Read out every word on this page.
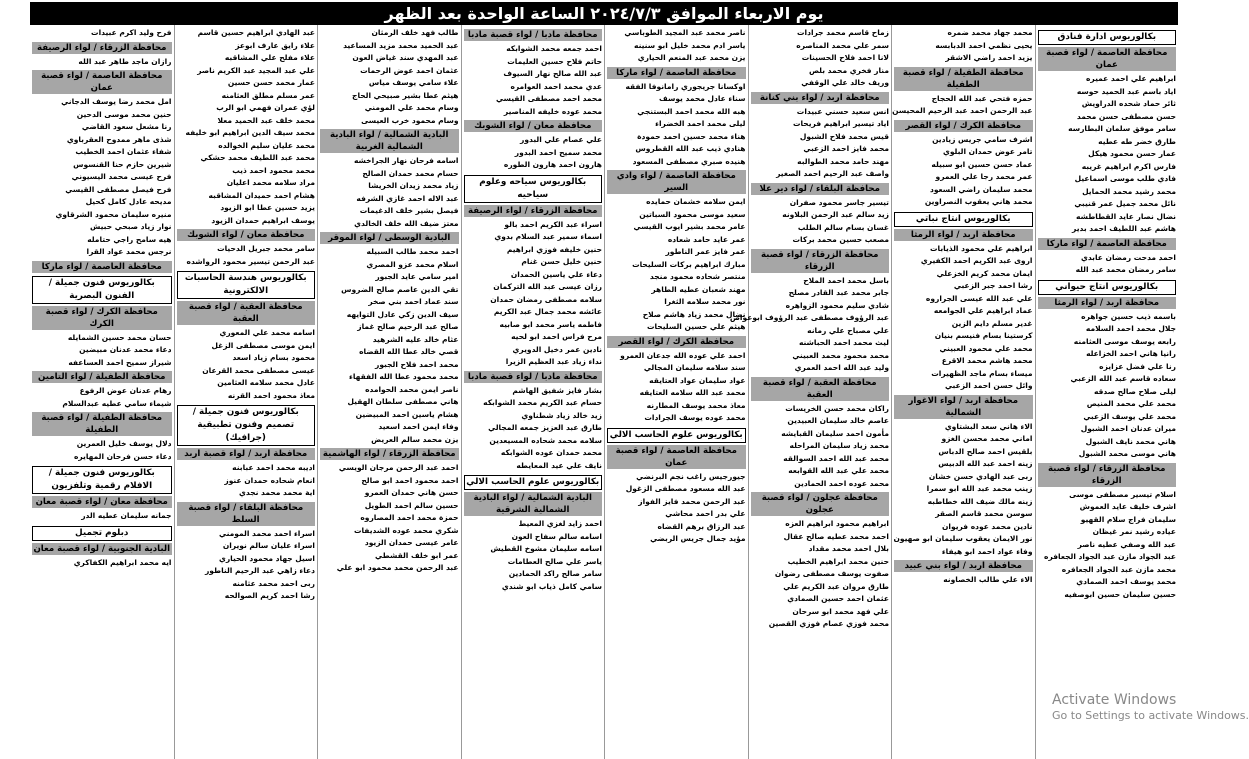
يوم الاربعاء الموافق ٢٠٢٤/٧/٣ الساعة الواحدة بعد الظهر
بكالوريوس ادارة فنادق
محافظة العاصمة / لواء قصبة عمان
ابراهيم علي احمد عميره
اياد باسم عبد الحميد حوسه
ثائر حماد شحده الدراويش
حسن مصطفى حسن محمد
سامر موفق سلمان البطارسه
طارق خضر طه عطيه
عمار حسن محمود هيكل
فارس اكرم ابراهيم غريبه
فادي طلب موسى اسماعيل
محمد رشيد محمد الحمايل
نائل محمد جميل عمر قنيبي
نضال نصار عايد القطاطشه
هاشم عبد اللطيف احمد بدير
محافظة العاصمة / لواء ماركا
احمد مدحت رمضان عابدي
سامر رمضان محمد عبد الله
بكالوريوس انتاج حيواني
محافظة اربد / لواء الرمثا
باسمه ذيب حسين جواهره
جلال محمد احمد السلامه
رابعه يوسف موسى العثامنه
رانيا هاني احمد الخزاعله
رنا علي فضل عزايزه
سعاده قاسم عبد الله الزعبي
ليلى صلاح صالح صدقه
محمد علي محمد المنيص
محمد علي يوسف الزعبي
ميران عدنان احمد الشبول
هاني محمد نايف الشبول
هاني موسى محمد الشبول
محافظة الزرقاء / لواء قصبة الزرقاء
اسلام تيسير مصطفى موسى
اشرف خليف عايد العموش
سليمان فراج سلام القهيو
عياده رشيد نمر غيظان
عبد الله وصفي عطيه ناصر
عبد الجواد مازن عبد الجواد الجعافره
محمد مازن عبد الجواد الجعافره
محمد يوسف احمد الصمادي
حسين سليمان حسين ابوصفيه
محمد جهاد محمد ضمره
يحيى نظمي احمد الدبابسه
يزيد احمد راضي الاشقر
محافظة الطفيلة / لواء قصبة الطفيلة
حمزه فتحي عبد الله الحجاج
عبد الرحمن احمد عبد الرحيم المحيسن
محافظة الكرك / لواء القصر
اشرف سامي جريس زيادين
تامر عوض حمدان البلوي
عماد حسن حسين ابو سبيله
عمر محمد رجا علي العمرو
محمد سليمان راضي السعود
محمد هاني يعقوب النصراوين
بكالوريوس انتاج نباتي
محافظة اربد / لواء الرمثا
ابراهيم علي محمود الذيابات
اروى عبد الكريم احمد الكفيري
ايمان محمد كريم الخزعلي
رشا احمد جبر الزعبي
علي عبد الله عيسى الجراروه
عماد ابراهيم علي الجوامعه
غدير مسلم دايم الزين
كرستينا بسام فنيسم بنيان
محمد علي محمود العبيني
محمد هاشم محمد الاقرع
ميساء بسام ماجد الظهيرات
وائل حسن احمد الزعبي
محافظة اربد / لواء الاغوار الشمالية
الاء هاني سعد البشتاوي
اماني محمد محسن الغزو
بلقيس احمد صالح الدباس
زينه احمد عبد الله الدبيس
ربى عبد الهادي حسن خشان
زينب محمد عبد الله ابو سمرا
زينه مالك ضيف الله خطاطبه
سوسن محمد قاسم الصقر
نادين محمد عوده فريوان
نور الايمان يعقوب سليمان ابو صهيون
وفاء عواد احمد ابو هيفاء
محافظة اربد / لواء بني عبيد
الاء علي طالب الخصاونه
زماح قاسم محمد جرادات
سمر علي محمد المناصره
لانا احمد فلاح الحسينات
منار فخري محمد بلص
وريف خالد علي الوقفي
محافظة اربد / لواء بني كنانة
انس سعيد حسني عبيدات
اياد تيسير ابراهيم فريحات
قيس محمد فلاح الشبول
محمد فايز احمد الزعبي
مهند حامد محمد الطوالبه
واصف عبد الرحيم احمد الصغير
محافظة البلقاء / لواء دير علا
تيسير جاسر محمود صفران
زيد سالم عبد الرحمن البلاونه
غسان بسام سالم الطلب
مصعب حسين محمد بركات
محافظة الزرقاء / لواء قصبة الزرقاء
باسل محمد احمد الملاح
جابر محمد عبد القادر مصلح
شادي سليم محمود الزواهره
عبد الرؤوف مصطفى عبد الرؤوف ابوعواص
علي مصباح علي رمانه
ليث محمد احمد الحباشنه
محمد محمود محمد العبيني
وليد عبد الله احمد العمري
محافظة العقبة / لواء قصبة العقبة
راكان محمد حسن الخريسات
عاصم خالد سليمان العبيدين
مأمون احمد سليمان القبايشه
محمد زياد سليمان المراحله
محمد عبد الله احمد السوالقه
محمد علي عبد الله القوابعه
محمد عوده احمد الحمادين
محافظة عجلون / لواء قصبة عجلون
ابراهيم محمود ابراهيم العزه
احمد محمد عطيه صالح عقال
بلال احمد محمد مقداد
حنين محمد ابراهيم الخطيب
صفوت يوسف مصطفى رضوان
طارق مروان عبد الكريم علي
عثمان احمد حسين الصمادي
علي فهد محمد ابو سرحان
محمد فوزي عصام فوزي القصين
ناصر محمد عبد المجيد الطوباسي
ياسر ادم محمد خليل ابو سنينه
يزن محمد عبد المنعم الحياري
محافظة العاصمة / لواء ماركا
اوكسانا جريجوري رامانوفا الفقه
سناء عادل محمد يوسف
هبه الله محمد احمد البستنجي
ليلى محمد احمد الخضراء
هناء محمد حسين احمد حمودة
هنادي ذيب عبد الله القطروس
هنيده صبري مصطفى المسعود
محافظة العاصمة / لواء وادي السير
ايمن سلامه خشمان حمايده
سعيد موسى محمود السباتين
عامر محمد بشير ايوب القيسي
عمر عايد حامد شعاده
عمر فايز عمر الناطور
مبارك ابراهيم بركات السليحات
منتصر شحاده محمود منجد
مهند شعبان عطيه الطاهر
نور محمد سلامه الثغرا
نضال محمد زياد هاشم صلاح
هيثم علي حسين السليحات
محافظة الكرك / لواء القصر
احمد علي عوده الله جدعان العمرو
سند سلامه سليمان المجالي
عواد سليمان عواد العتايقه
محمد عبد الله سلامه العتايقه
معاذ محمد يوسف المطارنه
محمد عوده يوسف الجرادات
بكالوريوس علوم الحاسب الالي
محافظة العاصمة / لواء قصبة عمان
جيورجيس راغب نجم البرنضي
عبد الله مسعود مصطفى الزغول
عبد الرحمن محمد فايز الفواز
علي بدر احمد محاشي
عبد الرزاق برهم القضاه
مؤيد جمال جريس الربضي
محافظة مادبا / لواء قصبة مادبا
احمد جمعه محمد الشوابكه
حاتم فلاح حسين العليمات
عبد الله صالح نهار السيوف
عدي محمد احمد العوامره
محمد احمد مصطفى القيسي
محمد عوده خليفه المناصير
محافظة معان / لواء الشوبك
علي عصام علي البدور
محمد سميح احمد البدور
هارون احمد هارون الطوره
بكالوريوس سياحه وعلوم سياحيه
محافظة الزرقاء / لواء الرصيفة
اسراء عبد الكريم احمد بالو
اسماء سمير عبد السلام بدوي
حنين خليفه فوزي ابراهيم
حنين خليل حسن غنام
دعاء علي ياسين الحمدان
رزان عيسى عبد الله التركمان
سلامه مصطفى رمضان حمدان
عائشه محمد جمال عبد الكريم
فاطمه ياسر محمد ابو صابيه
مرح فراس احمد ابو لحيه
نادين عمر دخيل الدويري
نداء زياد عبد العظيم الزيرا
محافظة مادبا / لواء قصبة مادبا
بشار فايز شفيق الهاشم
حسام عبد الكريم محمد الشوابكه
زيد خالد زياد شطناوي
طارق عبد العزيز جمعه المجالي
سلامه محمد شحاده المسيعدين
محمد حمدان عوده الشوابكه
نايف علي عيد المعايطه
بكالوريوس علوم الحاسب الالي
البادية الشمالية / لواء البادية الشمالية الشرقية
احمد زايد لغزي المعيط
اسامه سالم سفاح العون
اسامه سليمان مشوخ القطيش
ياسر علي صالح العطامات
سامر صالح راكد الحمادين
سامي كامل ذياب ابو شندي
طالب فهد خلف الرمثان
عبد الحميد محمد مزيد المساعيد
عبد المهدي سند غياض العون
عثمان احمد عوض الرحمات
علاء سامي يوسف مياس
هيثم عطا بشير صبيحي الحاج
وسام محمد علي المومني
وسام محمود خرب العيسى
البادية الشمالية / لواء البادية الشمالية الغربية
اسامه فرحان نهار الجراخشه
حسام محمد حمدان الصالح
زياد محمد زيدان الخريشا
عبد الاله احمد غازي الشرفه
فيصل بشير خلف الدغيمات
معتز ضيف الله خلف الخالدي
البادية الوسطى / لواء الموقر
احمد محمد طالب السبيله
اسلام محمد عزو المصري
امير سامي عايد الجبور
تقي الدين عاصم صالح الضروس
سند عماد احمد بني صخر
سيف الدين زكي عادل التوايهه
صالح عبد الرحيم صالح غماز
عثام خالد عليه الشرهيد
قصي خالد عطا الله القضاه
محمد احمد فلاح الجبور
محمد محمود عطا الله الفقهاء
ناصر ايمن محمد الحوامده
هاني مصطفى سلطان الهقيل
هشام ياسين احمد المبيضين
وفاء ايمن احمد اسعيد
يزن محمد سالم العريض
محافظة الزرقاء / لواء الهاشمية
احمد عبد الرحمن مرجان الويسي
احمد محمود احمد ابو صالح
حسن هاني حمدان العمرو
حسين سالم احمد الطويل
حمزة محمد احمد المصاروه
شكري محمد عوده الشديفات
عامر عيسى حمدان الزيود
عمر ابو خلف القشطي
عبد الرحمن محمد محمود ابو علي
عبد الهادي ابراهيم حسين قاسم
علاء رايق عارف ابوعز
علاء مفلح علي المشاقبه
علي عبد المجيد عبد الكريم ناصر
عمار محمد حسن حسين
عمر مسلم مطلق العثامنه
لؤي عمران فهمي ابو الرب
محمد خلف عبد الحميد معلا
محمد سيف الدين ابراهيم ابو خليفه
محمد عليان سليم الخوالده
محمد عبد اللطيف محمد حشكي
محمد محمود احمد ذيب
مراد سلامه محمد اعليان
هشام احمد حميدان المشاقبه
يزيد حسين عطا ابو الزيود
يوسف ابراهيم حمدان الزيود
محافظة معان / لواء الشوبك
سامر محمد جبريل الدحيات
عبد الرحمن تيسير محمود الرواشده
بكالوريوس هندسة الحاسبات الالكترونية
محافظة العقبة / لواء قصبة العقبة
اسامه محمد علي المعوري
ايمن موسى مصطفى الزغل
محمود بسام زياد اسعد
عيسى مصطفى محمد القرعان
عادل محمد سلامه العثامين
معاذ محمود احمد القرنه
بكالوريوس فنون جميلة / تصميم وفنون تطبيقية (جرافيك)
محافظة اربد / لواء قصبة اربد
اديبه محمد احمد عبابنه
انعام شحاده حمدان عنوز
اية محمد محمد نجدي
محافظة البلقاء / لواء قصبة السلط
اسراء احمد محمد المومني
اسراء عليان سالم نويران
اسيل جهاد محمود الحياري
دعاء زاهي عبد الرحيم الناطور
ربى احمد محمد عثامنه
رشا احمد كريم الصوالحه
فرح وليد اكرم عبيدات
محافظة الزرقاء / لواء الرصيفة
رازان ماجد طاهر عبد الله
محافظة العاصمة / لواء قصبة عمان
امل محمد رضا يوسف الدجاني
حنين محمد موسى الدحين
رنا مشعل سعود القاضي
شذى ماهر ممدوح العقرباوي
شفاء عثمان احمد الخطيب
شيرين حازم حنا القنسوس
فرح عيسى محمد اليسيوني
فرح فيصل مصطفى القيسي
مديحه عادل كامل كحيل
منيره سليمان محمود الشرقاوي
نوار زياد صبحي حبيش
هيه سامح راجي حتامله
نرجس محمد عواد القرا
محافظة العاصمة / لواء ماركا
بكالوريوس فنون جميلة / الفنون البصرية
محافظة الكرك / لواء قصبة الكرك
حسان محمد حسين الشمايله
دعاء محمد عدنان مبيضين
شيراز سميح احمد العساعفه
محافظة الطفيلة / لواء التامين
رهام عدنان عوض الرفوع
شيماء سامي عطيه عبدالسلام
محافظة الطفيلة / لواء قصبة الطفيلة
دلال يوسف خليل العمرين
دعاء حسن فرحان المهايره
بكالوريوس فنون جميلة / الافلام رقمية وتلفزيون
محافظة معان / لواء قصبة معان
جمانه سليمان عطيه الدر
دبلوم تجميل
البادية الجنوبية / لواء قصبة معان
ايه محمد ابراهيم الكفاكري
Activate Windows
Go to Settings to activate Windows.
